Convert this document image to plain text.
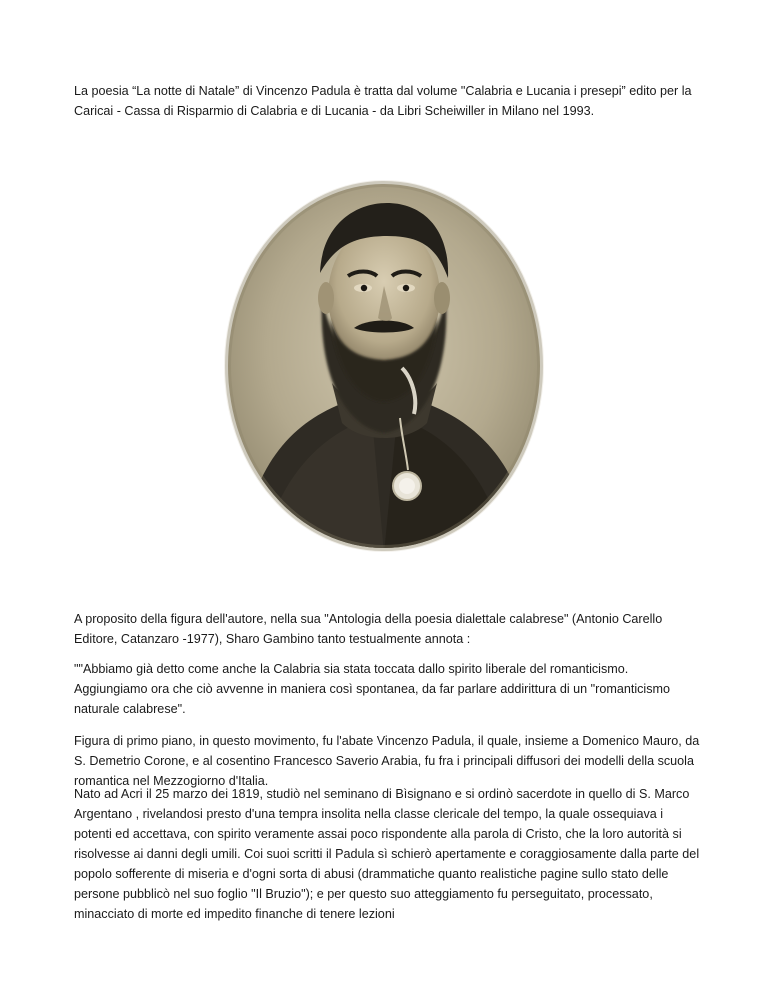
La poesia “La notte di Natale” di Vincenzo Padula è tratta dal volume "Calabria e Lucania i presepi” edito per la Caricai - Cassa di Risparmio di Calabria e di Lucania - da Libri Scheiwiller in Milano nel 1993.

A proposito della figura dell'autore, nella sua "Antologia della poesia dialettale calabrese" (Antonio Carello Editore, Catanzaro -1977), Sharo Gambino tanto testualmente annota :

""Abbiamo già detto come anche la Calabria sia stata toccata dallo spirito liberale del romanticismo. Aggiungiamo ora che ciò avvenne in maniera così spontanea, da far parlare addirittura di un "romanticismo naturale calabrese".

Figura di primo piano, in questo movimento, fu l'abate Vincenzo Padula, il quale, insieme a Domenico Mauro, da S. Demetrio Corone, e al cosentino Francesco Saverio Arabia, fu fra i principali diffusori dei modelli della scuola romantica nel Mezzogiorno d'Italia.

Nato ad Acri il 25 marzo dei 1819, studiò nel seminano di Bìsignano e si ordinò sacerdote in quello di S. Marco Argentano , rivelandosi presto d'una tempra insolita nella classe clericale del tempo, la quale ossequiava i potenti ed accettava, con spirito veramente assai poco rispondente alla parola di Cristo, che la loro autorità si risolvesse ai danni degli umili. Coi suoi scritti il Padula sì schierò apertamente e coraggiosamente dalla parte del popolo sofferente di miseria e d'ogni sorta di abusi (drammatiche quanto realistiche pagine sullo stato delle persone pubblicò nel suo foglio "Il Bruzio"); e per questo suo atteggiamento fu perseguitato, processato, minacciato di morte ed impedito finanche di tenere lezioni
